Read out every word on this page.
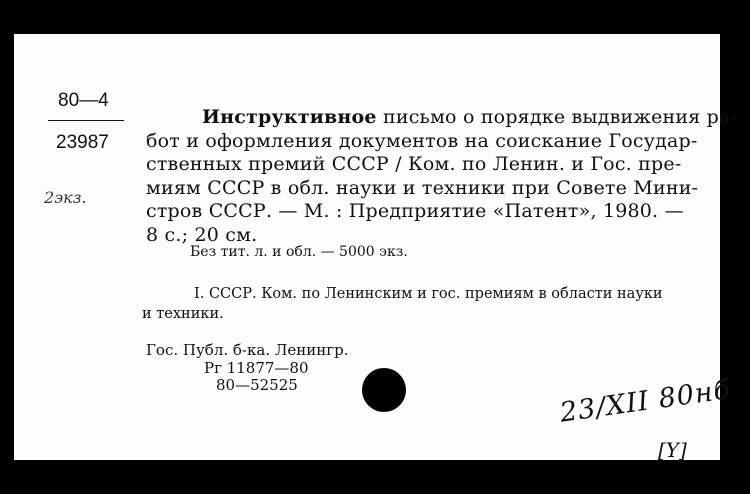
80—4
23987
2экз.
Инструктивное письмо о порядке выдвижения ра-
бот и оформления документов на соискание Государ-
ственных премий СССР / Ком. по Ленин. и Гос. пре-
миям СССР в обл. науки и техники при Совете Мини-
стров СССР. — М. : Предприятие «Патент», 1980. —
8 с.; 20 см.
Без тит. л. и обл. — 5000 экз.
I. СССР. Ком. по Ленинским и гос. премиям в области науки
и техники.
Гос. Публ. б-ка. Ленингр.
Рг 11877—80
80—52525	23/XII 80нб
[Y]
